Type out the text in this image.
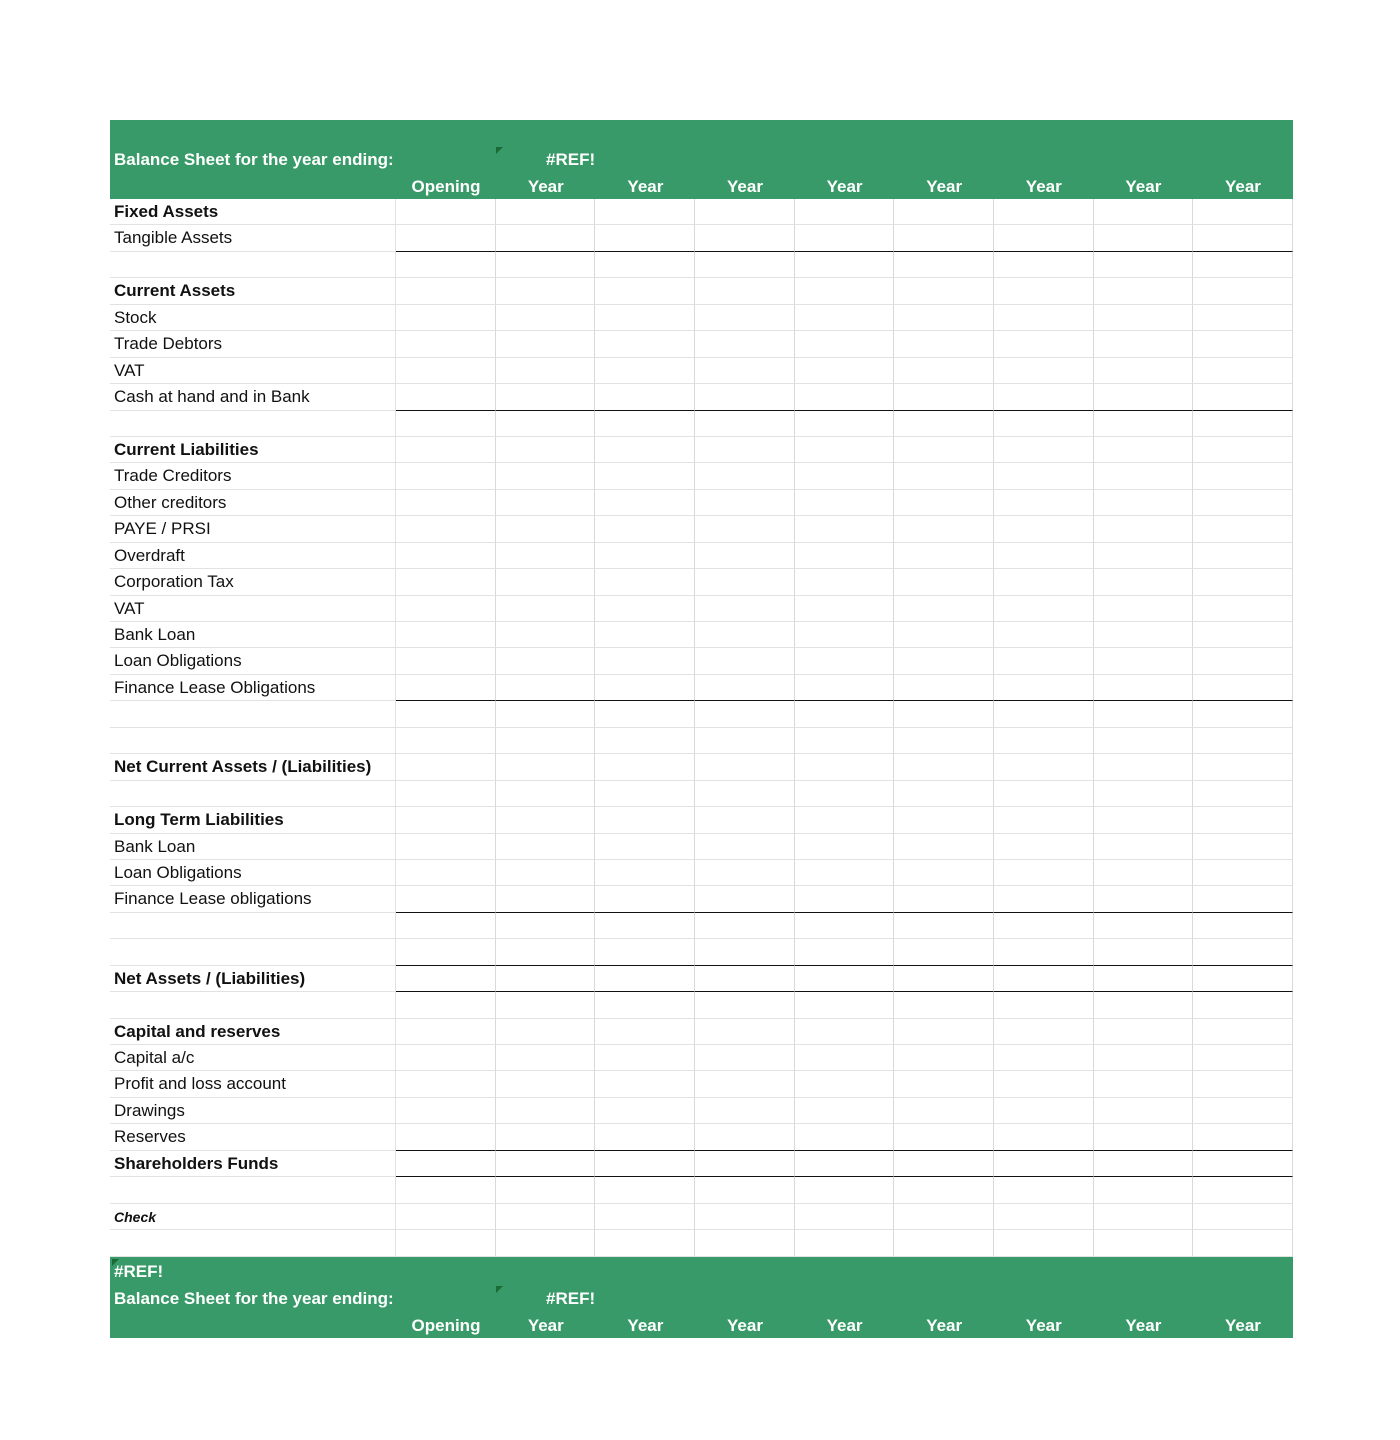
Balance Sheet for the year ending:	#REF!
Opening	Year	Year	Year	Year	Year	Year	Year	Year
Fixed Assets
Tangible Assets
Current Assets
Stock
Trade Debtors
VAT
Cash at hand and in Bank
Current Liabilities
Trade Creditors
Other creditors
PAYE / PRSI
Overdraft
Corporation Tax
VAT
Bank Loan
Loan Obligations
Finance Lease Obligations
Net Current Assets / (Liabilities)
Long Term Liabilities
Bank Loan
Loan Obligations
Finance Lease obligations
Net Assets / (Liabilities)
Capital and reserves
Capital a/c
Profit and loss account
Drawings
Reserves
Shareholders Funds
Check
#REF!
Balance Sheet for the year ending:	#REF!
Opening	Year	Year	Year	Year	Year	Year	Year	Year
